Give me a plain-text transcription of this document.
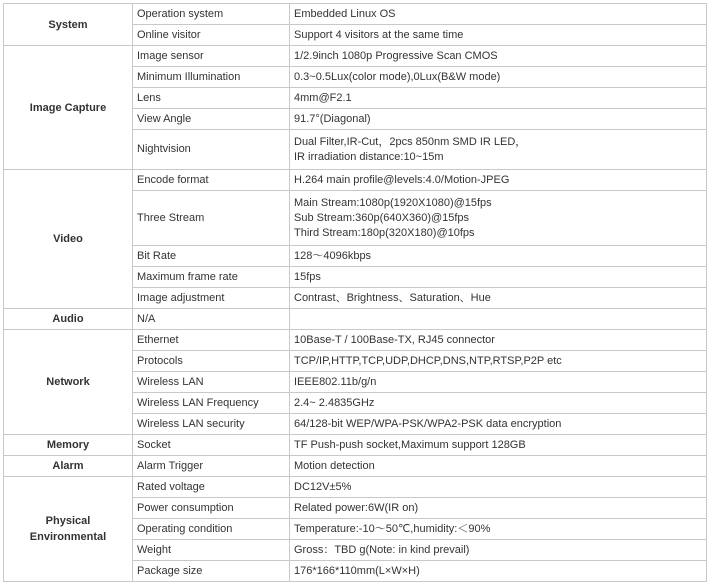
System	Operation system	Embedded Linux OS

	Online visitor	Support 4 visitors at the same time

Image Capture	Image sensor	1/2.9inch 1080p Progressive Scan CMOS

	Minimum Illumination	0.3~0.5Lux(color mode),0Lux(B&W mode)

	Lens	4mm@F2.1

	View Angle	91.7°(Diagonal)

	Nightvision	Dual Filter,IR-Cut，2pcs 850nm SMD IR LED，
IR irradiation distance:10~15m

Video	Encode format	H.264 main profile@levels:4.0/Motion-JPEG

	Three Stream	Main Stream:1080p(1920X1080)@15fps
Sub Stream:360p(640X360)@15fps
Third Stream:180p(320X180)@10fps

	Bit Rate	128～4096kbps

	Maximum frame rate	15fps

	Image adjustment	Contrast、Brightness、Saturation、Hue

Audio	N/A	

Network	Ethernet	10Base-T / 100Base-TX, RJ45 connector

	Protocols	TCP/IP,HTTP,TCP,UDP,DHCP,DNS,NTP,RTSP,P2P etc

	Wireless LAN	IEEE802.11b/g/n

	Wireless LAN Frequency	2.4~ 2.4835GHz

	Wireless LAN security	64/128-bit WEP/WPA-PSK/WPA2-PSK data encryption

Memory	Socket	TF Push-push socket,Maximum support 128GB

Alarm	Alarm Trigger	Motion detection

Physical
Environmental	Rated voltage	DC12V±5%

	Power consumption	Related power:6W(IR on)

	Operating condition	Temperature:-10～50℃,humidity:＜90%

	Weight	Gross：TBD g(Note: in kind prevail)

	Package size	176*166*110mm(L×W×H)
